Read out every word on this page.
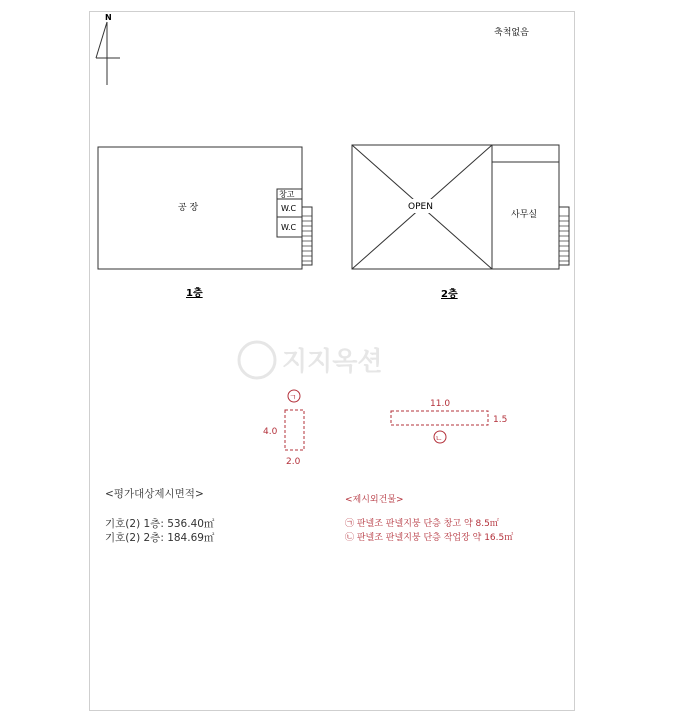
N
축척없음
공 장
창고
W.C
W.C
1층
OPEN
사무실
2층
지지옥션
ㄱ
4.0
2.0
11.0
1.5
ㄴ
<평가대상제시면적>
기호(2) 1층: 536.40㎡
기호(2) 2층: 184.69㎡
<제시외건물>
㉠ 판넬조 판넬지붕 단층 창고 약 8.5㎡
㉡ 판넬조 판넬지붕 단층 작업장 약 16.5㎡
